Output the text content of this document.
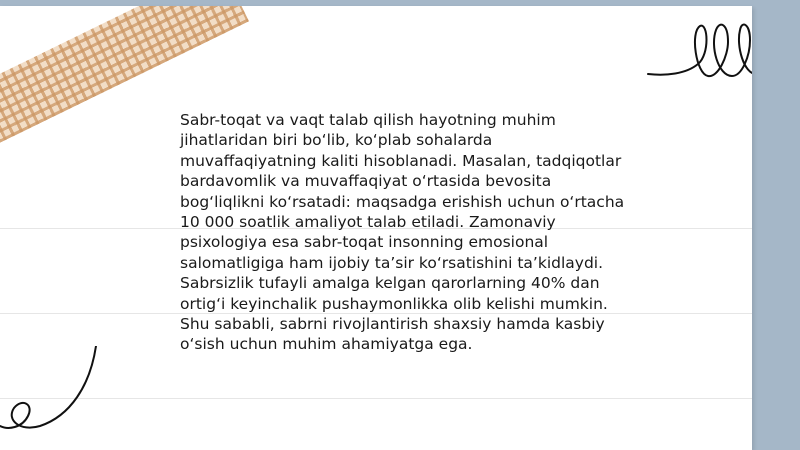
Sabr-toqat va vaqt talab qilish hayotning muhim jihatlaridan biri bo‘lib, ko‘plab sohalarda muvaffaqiyatning kaliti hisoblanadi. Masalan, tadqiqotlar bardavomlik va muvaffaqiyat o‘rtasida bevosita bog‘liqlikni ko‘rsatadi: maqsadga erishish uchun o‘rtacha 10 000 soatlik amaliyot talab etiladi. Zamonaviy psixologiya esa sabr-toqat insonning emosional salomatligiga ham ijobiy ta’sir ko‘rsatishini ta’kidlaydi. Sabrsizlik tufayli amalga kelgan qarorlarning 40% dan ortig‘i keyinchalik pushaymonlikka olib kelishi mumkin. Shu sababli, sabrni rivojlantirish shaxsiy hamda kasbiy o‘sish uchun muhim ahamiyatga ega.
